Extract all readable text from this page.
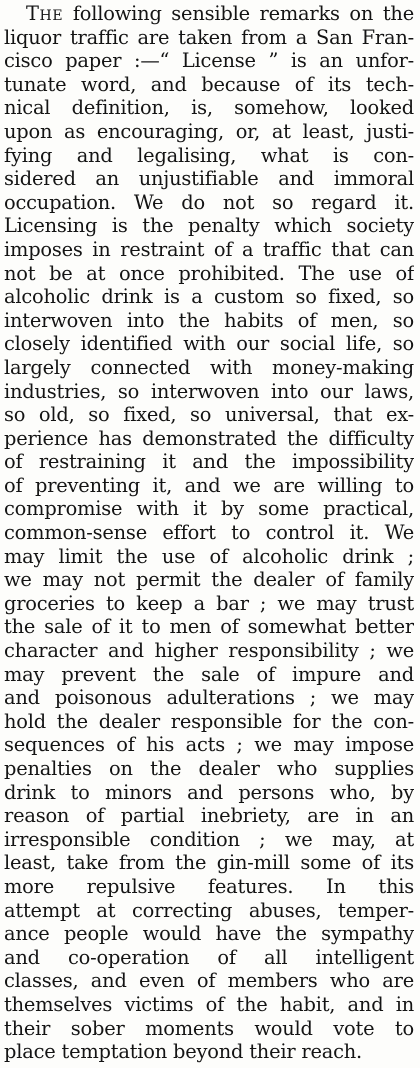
The following sensible remarks on the
liquor traffic are taken from a San Fran-
cisco paper :—“ License ” is an unfor-
tunate word, and because of its tech-
nical definition, is, somehow, looked
upon as encouraging, or, at least, justi-
fying and legalising, what is con-
sidered an unjustifiable and immoral
occupation. We do not so regard it.
Licensing is the penalty which society
imposes in restraint of a traffic that can
not be at once prohibited. The use of
alcoholic drink is a custom so fixed, so
interwoven into the habits of men, so
closely identified with our social life, so
largely connected with money-making
industries, so interwoven into our laws,
so old, so fixed, so universal, that ex-
perience has demonstrated the difficulty
of restraining it and the impossibility
of preventing it, and we are willing to
compromise with it by some practical,
common-sense effort to control it. We
may limit the use of alcoholic drink ;
we may not permit the dealer of family
groceries to keep a bar ; we may trust
the sale of it to men of somewhat better
character and higher responsibility ; we
may prevent the sale of impure and
and poisonous adulterations ; we may
hold the dealer responsible for the con-
sequences of his acts ; we may impose
penalties on the dealer who supplies
drink to minors and persons who, by
reason of partial inebriety, are in an
irresponsible condition ; we may, at
least, take from the gin-mill some of its
more repulsive features. In this
attempt at correcting abuses, temper-
ance people would have the sympathy
and co-operation of all intelligent
classes, and even of members who are
themselves victims of the habit, and in
their sober moments would vote to
place temptation beyond their reach.
